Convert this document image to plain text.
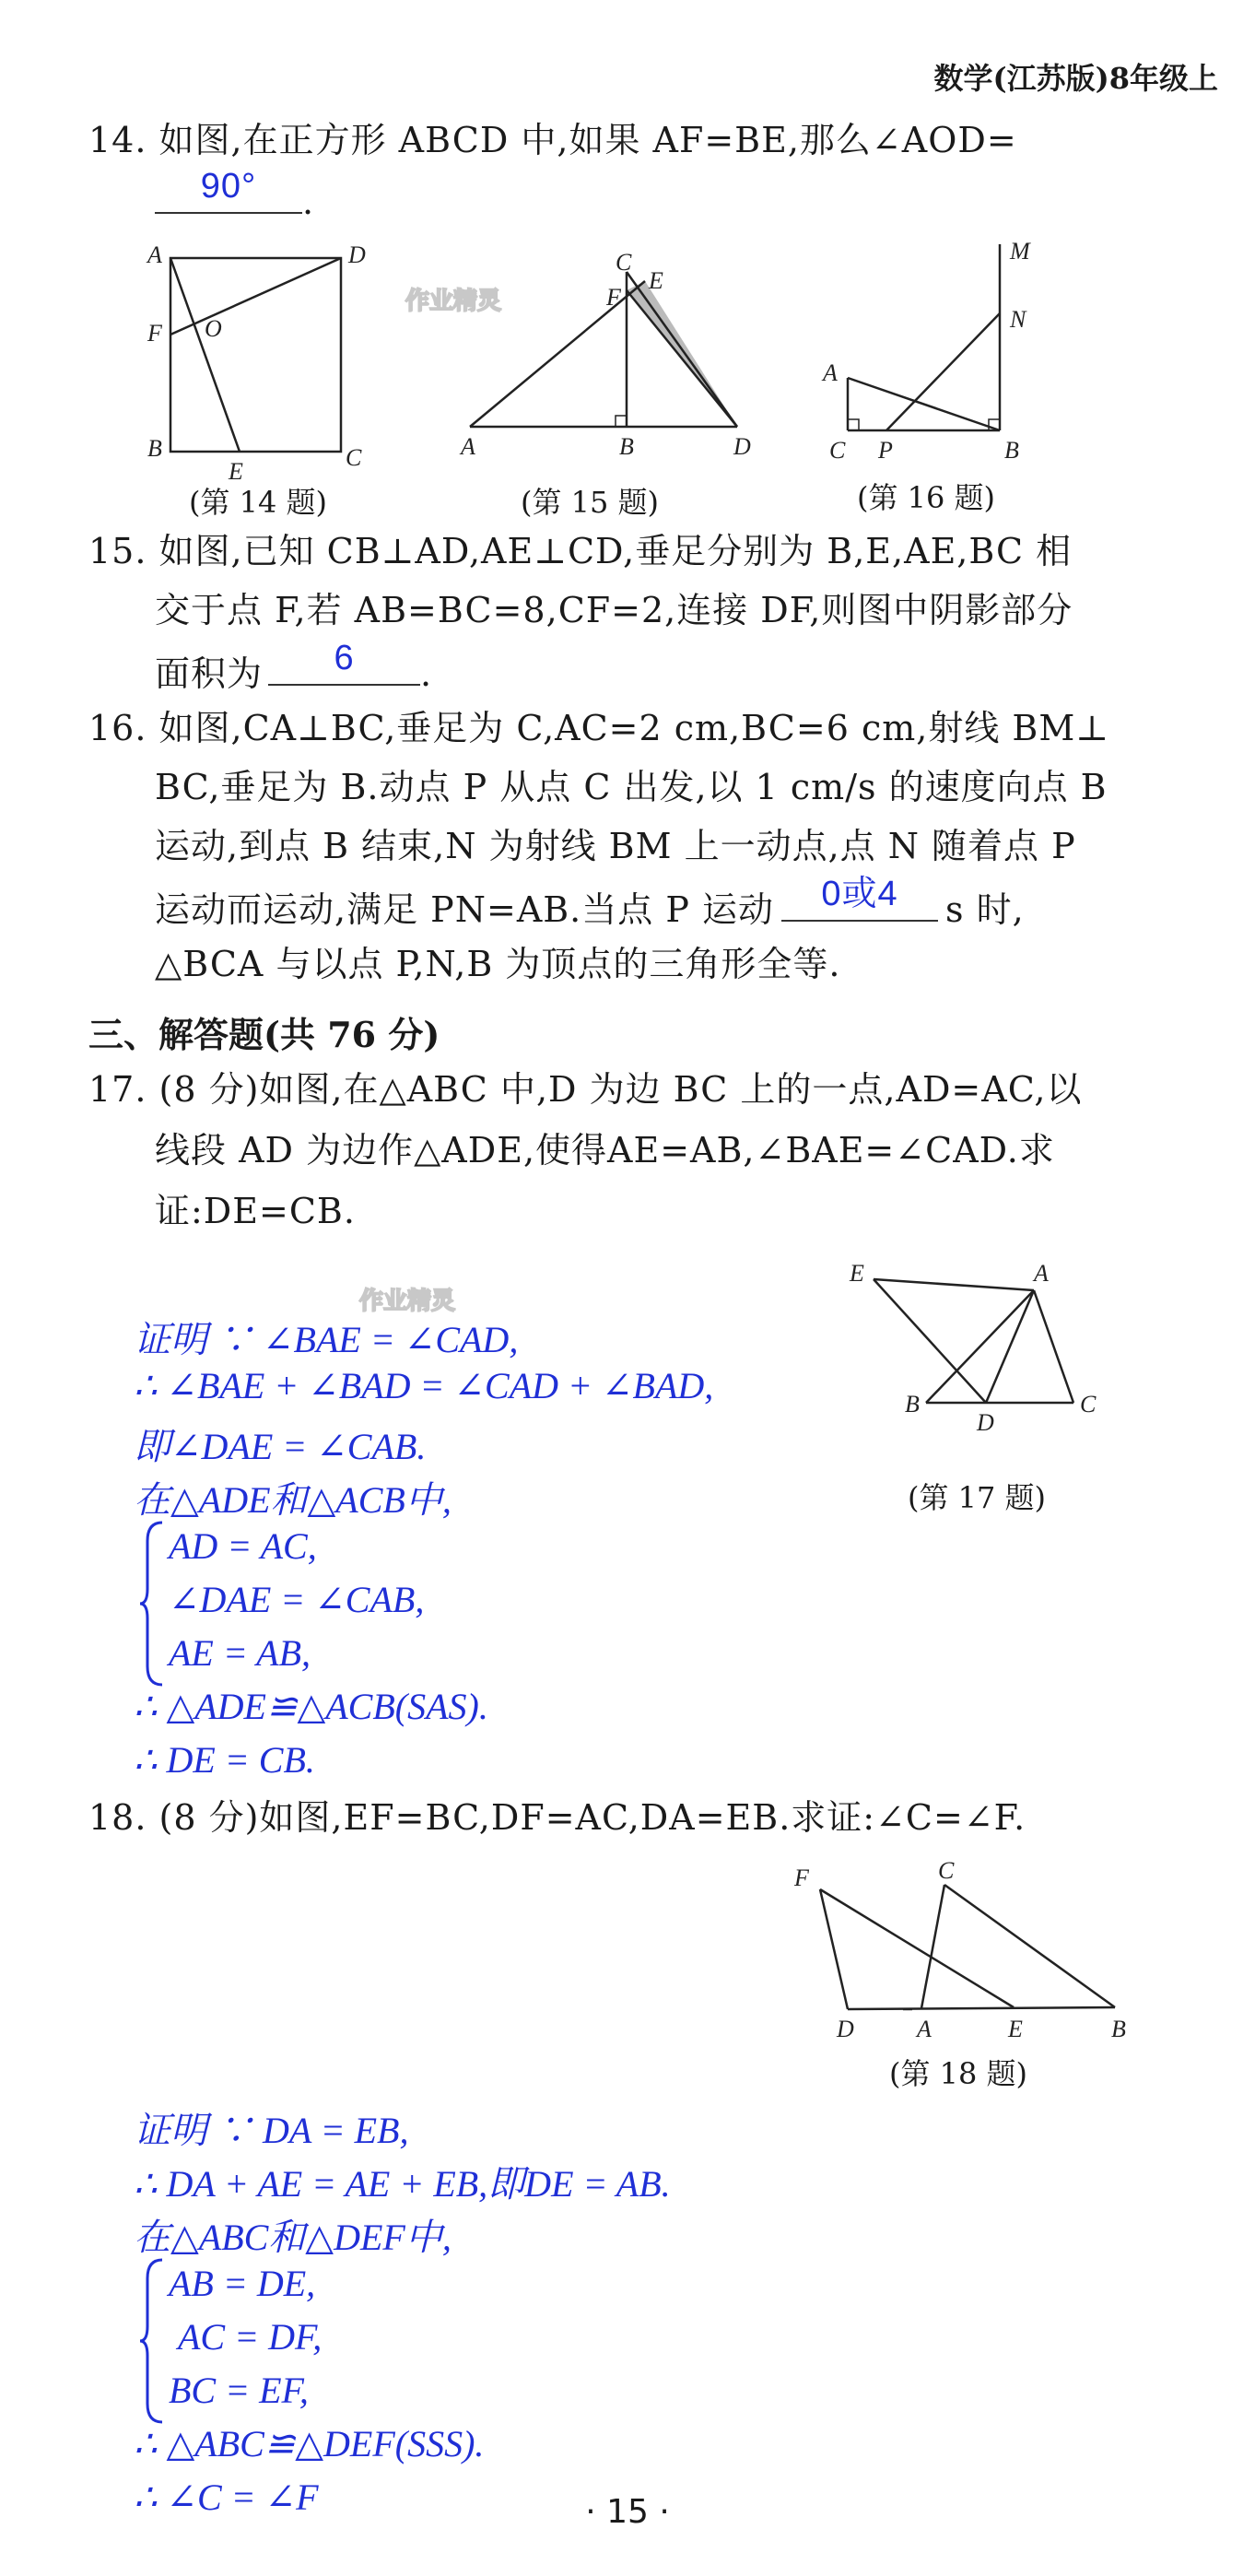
数学(江苏版)8年级上
14. 如图,在正方形 ABCD 中,如果 AF=BE,那么∠AOD=
90°	.
作业精灵
A	D
F O
B
E
C
C
E
F
A	B	D
M
N
A
C P	B
(第 14 题)	(第 15 题)	(第 16 题)
15. 如图,已知 CB⊥AD,AE⊥CD,垂足分别为 B,E,AE,BC 相
交于点 F,若 AB=BC=8,CF=2,连接 DF,则图中阴影部分
面积为	6	.
16. 如图,CA⊥BC,垂足为 C,AC=2 cm,BC=6 cm,射线 BM⊥
BC,垂足为 B.动点 P 从点 C 出发,以 1 cm/s 的速度向点 B
运动,到点 B 结束,N 为射线 BM 上一动点,点 N 随着点 P
运动而运动,满足 PN=AB.当点 P 运动	0或4	s 时,
△BCA 与以点 P,N,B 为顶点的三角形全等.
三、解答题(共 76 分)
17. (8 分)如图,在△ABC 中,D 为边 BC 上的一点,AD=AC,以
线段 AD 为边作△ADE,使得AE=AB,∠BAE=∠CAD.求
证:DE=CB.
作业精灵
E	A
B
D
C
(第 17 题)
证明 ∵ ∠BAE = ∠CAD,
∴ ∠BAE + ∠BAD = ∠CAD + ∠BAD,
即∠DAE = ∠CAB.
在△ADE和△ACB中,
AD = AC,
∠DAE = ∠CAB,
AE = AB,
∴ △ADE≌△ACB(SAS).
∴ DE = CB.
18. (8 分)如图,EF=BC,DF=AC,DA=EB.求证:∠C=∠F.
F	C
D	A	E	B
(第 18 题)
证明 ∵ DA = EB,
∴ DA + AE = AE + EB,即DE = AB.
在△ABC和△DEF中,
AB = DE,
AC = DF,
BC = EF,
∴ △ABC≌△DEF(SSS).
∴ ∠C = ∠F	· 15 ·
